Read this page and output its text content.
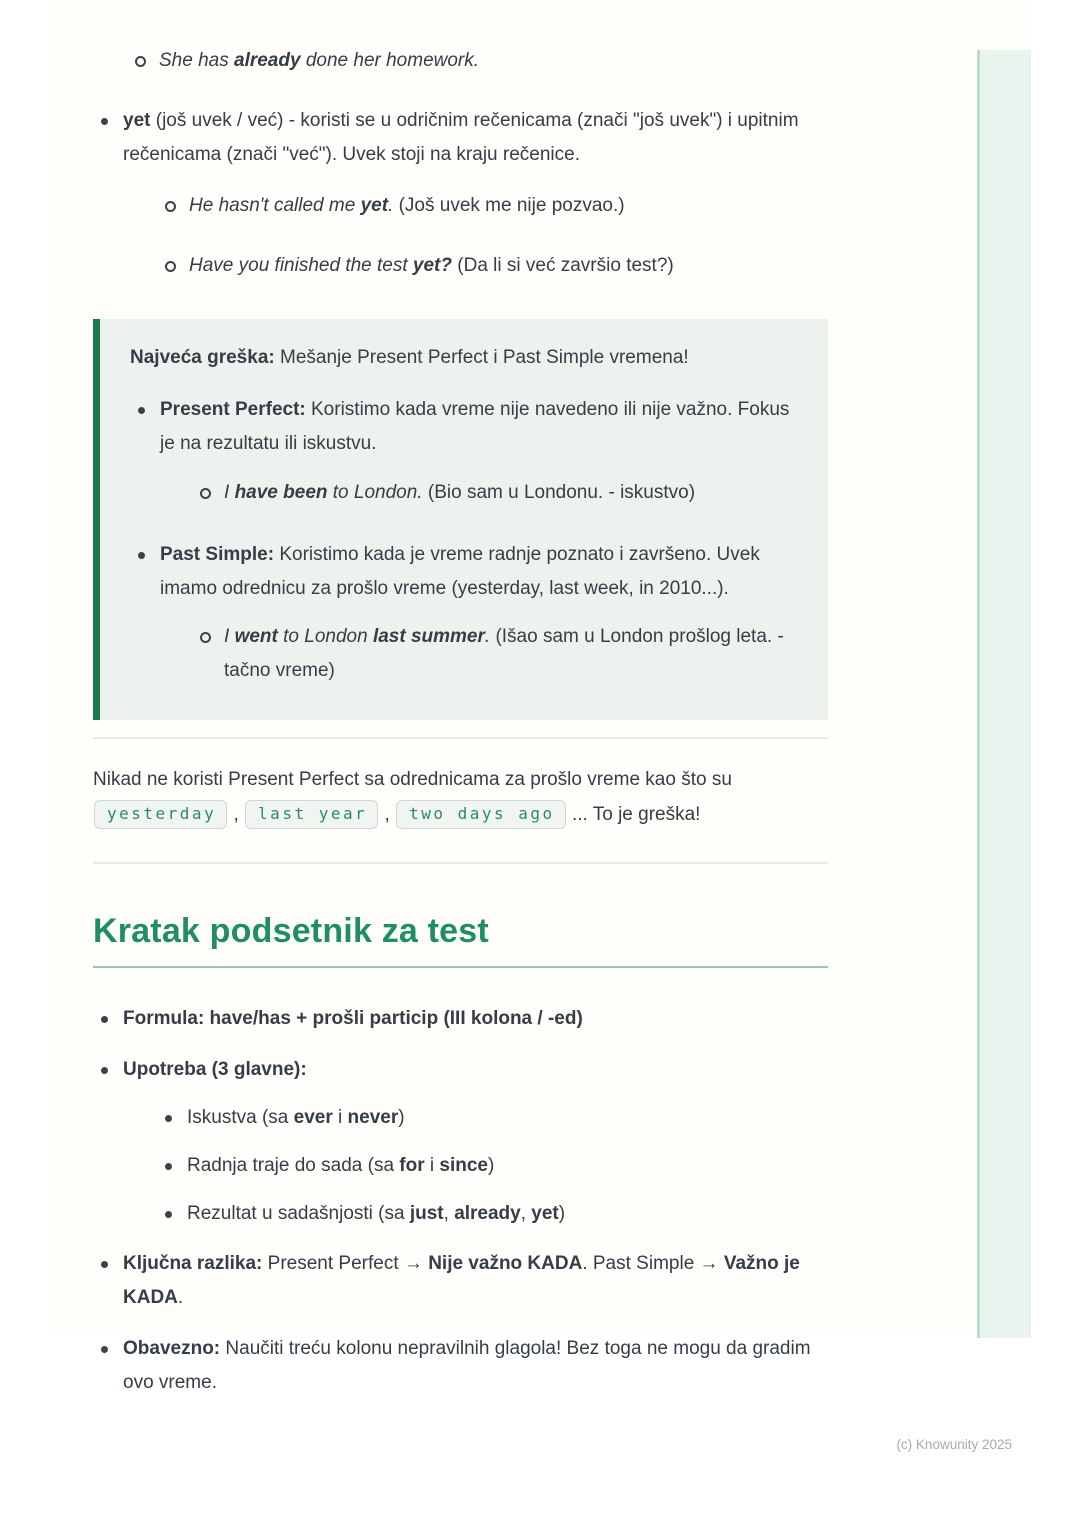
She has already done her homework.
yet (još uvek / već) - koristi se u odričnim rečenicama (znači "još uvek") i upitnim rečenicama (znači "već"). Uvek stoji na kraju rečenice.
He hasn't called me yet. (Još uvek me nije pozvao.)
Have you finished the test yet? (Da li si već završio test?)
Najveća greška: Mešanje Present Perfect i Past Simple vremena!
Present Perfect: Koristimo kada vreme nije navedeno ili nije važno. Fokus je na rezultatu ili iskustvu.
I have been to London. (Bio sam u Londonu. - iskustvo)
Past Simple: Koristimo kada je vreme radnje poznato i završeno. Uvek imamo odrednicu za prošlo vreme (yesterday, last week, in 2010...).
I went to London last summer. (Išao sam u London prošlog leta. - tačno vreme)

Nikad ne koristi Present Perfect sa odrednicama za prošlo vreme kao što su yesterday , last year , two days ago ... To je greška!

Kratak podsetnik za test
Formula: have/has + prošli particip (III kolona / -ed)
Upotreba (3 glavne):
Iskustva (sa ever i never)
Radnja traje do sada (sa for i since)
Rezultat u sadašnjosti (sa just, already, yet)
Ključna razlika: Present Perfect → Nije važno KADA. Past Simple → Važno je KADA.
Obavezno: Naučiti treću kolonu nepravilnih glagola! Bez toga ne mogu da gradim ovo vreme.
(c) Knowunity 2025
